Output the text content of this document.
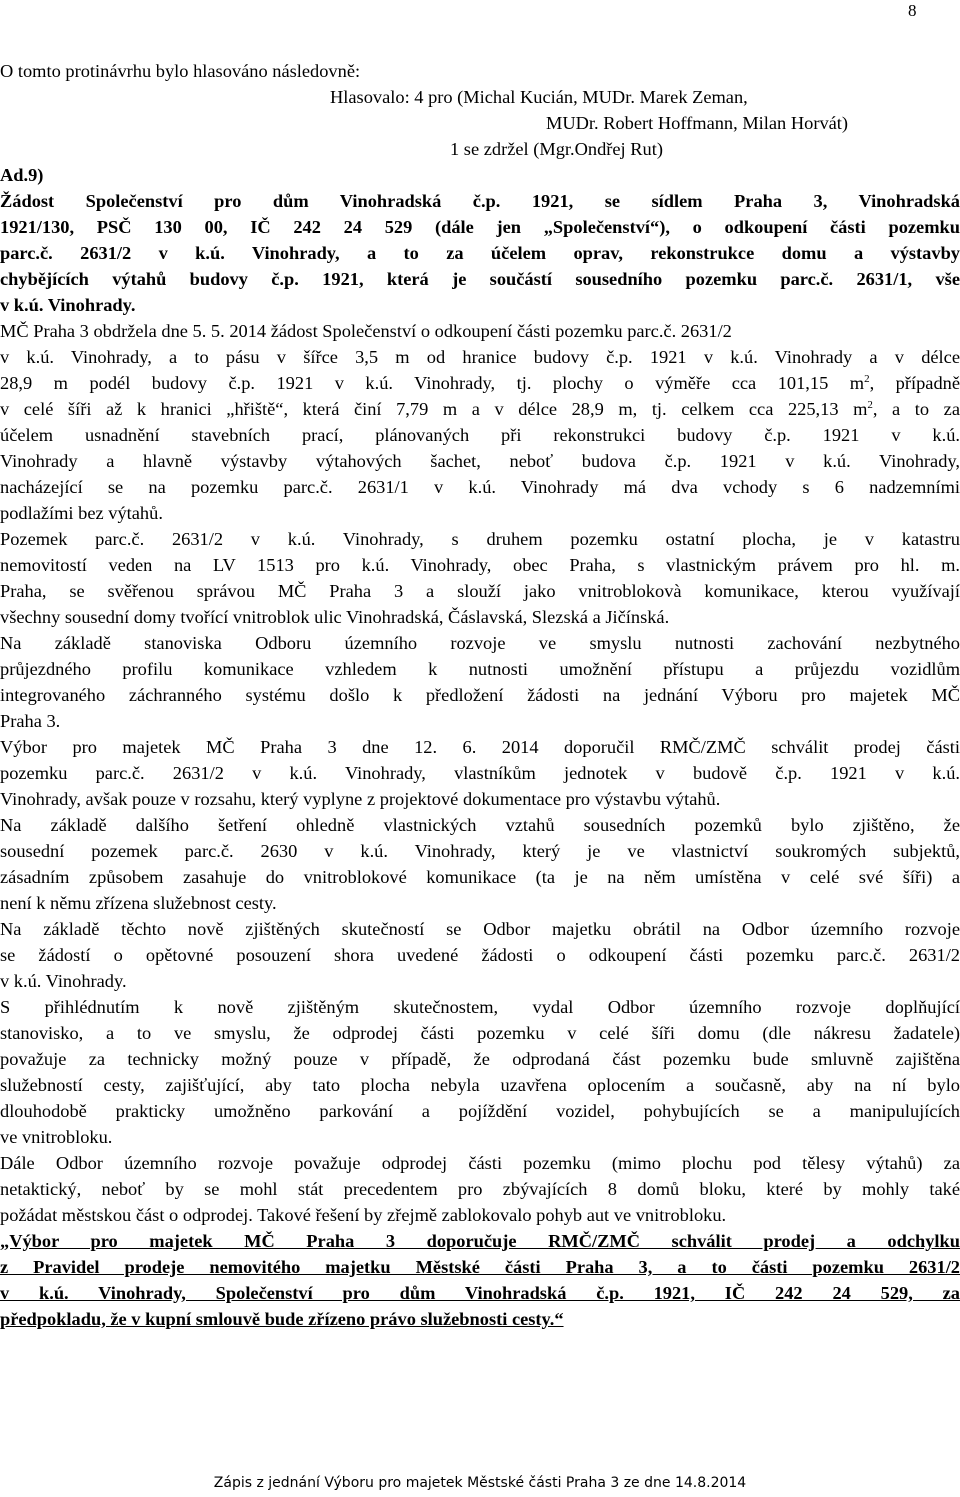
8
O tomto protinávrhu bylo hlasováno následovně:
Hlasovalo: 4 pro (Michal Kucián, MUDr. Marek Zeman,
MUDr. Robert Hoffmann, Milan Horvát)
1 se zdržel (Mgr.Ondřej Rut)
Ad.9)
Žádost Společenství pro dům Vinohradská č.p. 1921, se sídlem Praha 3, Vinohradská
1921/130, PSČ 130 00, IČ 242 24 529 (dále jen „Společenství“), o odkoupení části pozemku
parc.č. 2631/2 v k.ú. Vinohrady, a to za účelem oprav, rekonstrukce domu a výstavby
chybějících výtahů budovy č.p. 1921, která je součástí sousedního pozemku parc.č. 2631/1, vše
v k.ú. Vinohrady.
MČ Praha 3 obdržela dne 5. 5. 2014 žádost Společenství o odkoupení části pozemku parc.č. 2631/2
v k.ú. Vinohrady, a to pásu v šířce 3,5 m od hranice budovy č.p. 1921 v k.ú. Vinohrady a v délce
28,9 m podél budovy č.p. 1921 v k.ú. Vinohrady, tj. plochy o výměře cca 101,15 $m^2$, případně
v celé šíři až k hranici „hřiště“, která činí 7,79 m a v délce 28,9 m, tj. celkem cca 225,13 $m^2$, a to za
účelem usnadnění stavebních prací, plánovaných při rekonstrukci budovy č.p. 1921 v k.ú.
Vinohrady a hlavně výstavby výtahových šachet, neboť budova č.p. 1921 v k.ú. Vinohrady,
nacházející se na pozemku parc.č. 2631/1 v k.ú. Vinohrady má dva vchody s 6 nadzemními
podlažími bez výtahů.
Pozemek parc.č. 2631/2 v k.ú. Vinohrady, s druhem pozemku ostatní plocha, je v katastru
nemovitostí veden na LV 1513 pro k.ú. Vinohrady, obec Praha, s vlastnickým právem pro hl. m.
Praha, se svěřenou správou MČ Praha 3 a slouží jako vnitroblokovà komunikace, kterou využívají
všechny sousední domy tvořící vnitroblok ulic Vinohradská, Čáslavská, Slezská a Jičínská.
Na základě stanoviska Odboru územního rozvoje ve smyslu nutnosti zachování nezbytného
průjezdného profilu komunikace vzhledem k nutnosti umožnění přístupu a průjezdu vozidlům
integrovaného záchranného systému došlo k předložení žádosti na jednání Výboru pro majetek MČ
Praha 3.
Výbor pro majetek MČ Praha 3 dne 12. 6. 2014 doporučil RMČ/ZMČ schválit prodej části
pozemku parc.č. 2631/2 v k.ú. Vinohrady, vlastníkům jednotek v budově č.p. 1921 v k.ú.
Vinohrady, avšak pouze v rozsahu, který vyplyne z projektové dokumentace pro výstavbu výtahů.
Na základě dalšího šetření ohledně vlastnických vztahů sousedních pozemků bylo zjištěno, že
sousední pozemek parc.č. 2630 v k.ú. Vinohrady, který je ve vlastnictví soukromých subjektů,
zásadním způsobem zasahuje do vnitroblokové komunikace (ta je na něm umístěna v celé své šíři) a
není k němu zřízena služebnost cesty.
Na základě těchto nově zjištěných skutečností se Odbor majetku obrátil na Odbor územního rozvoje
se žádostí o opětovné posouzení shora uvedené žádosti o odkoupení části pozemku parc.č. 2631/2
v k.ú. Vinohrady.
S přihlédnutím k nově zjištěným skutečnostem, vydal Odbor územního rozvoje doplňující
stanovisko, a to ve smyslu, že odprodej části pozemku v celé šíři domu (dle nákresu žadatele)
považuje za technicky možný pouze v případě, že odprodaná část pozemku bude smluvně zajištěna
služebností cesty, zajišťující, aby tato plocha nebyla uzavřena oplocením a současně, aby na ní bylo
dlouhodobě prakticky umožněno parkování a pojíždění vozidel, pohybujících se a manipulujících
ve vnitrobloku.
Dále Odbor územního rozvoje považuje odprodej části pozemku (mimo plochu pod tělesy výtahů) za
netaktický, neboť by se mohl stát precedentem pro zbývajících 8 domů bloku, které by mohly také
požádat městskou část o odprodej. Takové řešení by zřejmě zablokovalo pohyb aut ve vnitrobloku.
„Výbor pro majetek MČ Praha 3 doporučuje RMČ/ZMČ schválit prodej a odchylku
z Pravidel prodeje nemovitého majetku Městské části Praha 3, a to části pozemku 2631/2
v k.ú. Vinohrady, Společenství pro dům Vinohradská č.p. 1921, IČ 242 24 529, za
předpokladu, že v kupní smlouvě bude zřízeno právo služebnosti cesty.“
Zápis z jednání Výboru pro majetek Městské části Praha 3 ze dne 14.8.2014
